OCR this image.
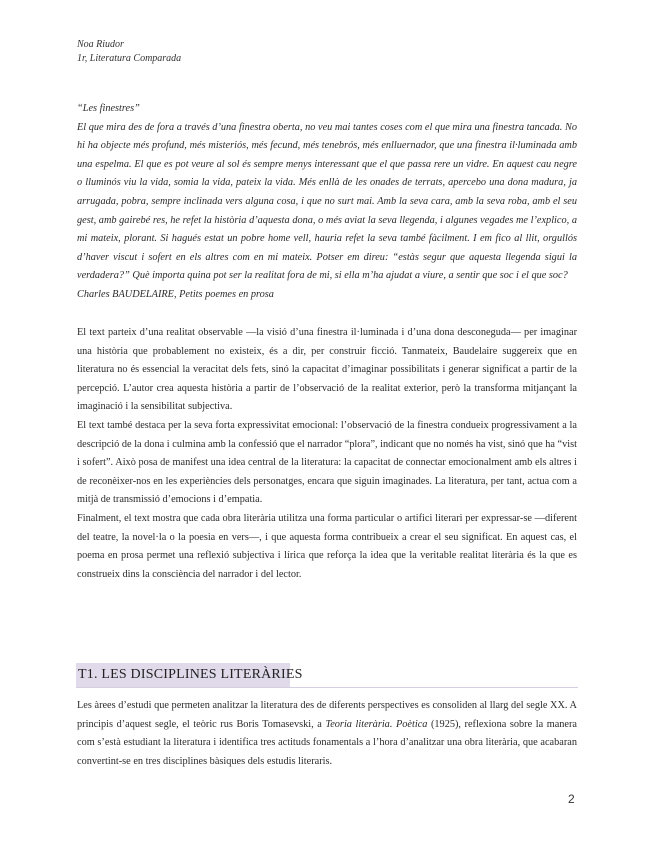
Noa Riudor
1r, Literatura Comparada

“Les finestres”

El que mira des de fora a través d’una finestra oberta, no veu mai tantes coses com el que mira una finestra tancada. No hi ha objecte més profund, més misteriós, més fecund, més tenebrós, més enlluernador, que una finestra il·luminada amb una espelma. El que es pot veure al sol és sempre menys interessant que el que passa rere un vidre. En aquest cau negre o lluminós viu la vida, somia la vida, pateix la vida. Més enllà de les onades de terrats, apercebo una dona madura, ja arrugada, pobra, sempre inclinada vers alguna cosa, i que no surt mai. Amb la seva cara, amb la seva roba, amb el seu gest, amb gairebé res, he refet la història d’aquesta dona, o més aviat la seva llegenda, i algunes vegades me l’explico, a mi mateix, plorant. Si hagués estat un pobre home vell, hauria refet la seva també fàcilment. I em fico al llit, orgullós d’haver viscut i sofert en els altres com en mi mateix. Potser em direu: “estàs segur que aquesta llegenda sigui la verdadera?” Què importa quina pot ser la realitat fora de mi, si ella m’ha ajudat a viure, a sentir que soc i el que soc?

Charles BAUDELAIRE, Petits poemes en prosa

El text parteix d’una realitat observable —la visió d’una finestra il·luminada i d’una dona desconeguda— per imaginar una història que probablement no existeix, és a dir, per construir ficció. Tanmateix, Baudelaire suggereix que en literatura no és essencial la veracitat dels fets, sinó la capacitat d’imaginar possibilitats i generar significat a partir de la percepció. L’autor crea aquesta història a partir de l’observació de la realitat exterior, però la transforma mitjançant la imaginació i la sensibilitat subjectiva.

El text també destaca per la seva forta expressivitat emocional: l’observació de la finestra condueix progressivament a la descripció de la dona i culmina amb la confessió que el narrador “plora”, indicant que no només ha vist, sinó que ha “vist i sofert”. Això posa de manifest una idea central de la literatura: la capacitat de connectar emocionalment amb els altres i de reconèixer-nos en les experiències dels personatges, encara que siguin imaginades. La literatura, per tant, actua com a mitjà de transmissió d’emocions i d’empatia.

Finalment, el text mostra que cada obra literària utilitza una forma particular o artifici literari per expressar-se —diferent del teatre, la novel·la o la poesia en vers—, i que aquesta forma contribueix a crear el seu significat. En aquest cas, el poema en prosa permet una reflexió subjectiva i lírica que reforça la idea que la veritable realitat literària és la que es construeix dins la consciència del narrador i del lector.

T1. LES DISCIPLINES LITERÀRIES

Les àrees d’estudi que permeten analitzar la literatura des de diferents perspectives es consoliden al llarg del segle XX. A principis d’aquest segle, el teòric rus Boris Tomasevski, a Teoria literària. Poètica (1925), reflexiona sobre la manera com s’està estudiant la literatura i identifica tres actituds fonamentals a l’hora d’analitzar una obra literària, que acabaran convertint-se en tres disciplines bàsiques dels estudis literaris.

2
